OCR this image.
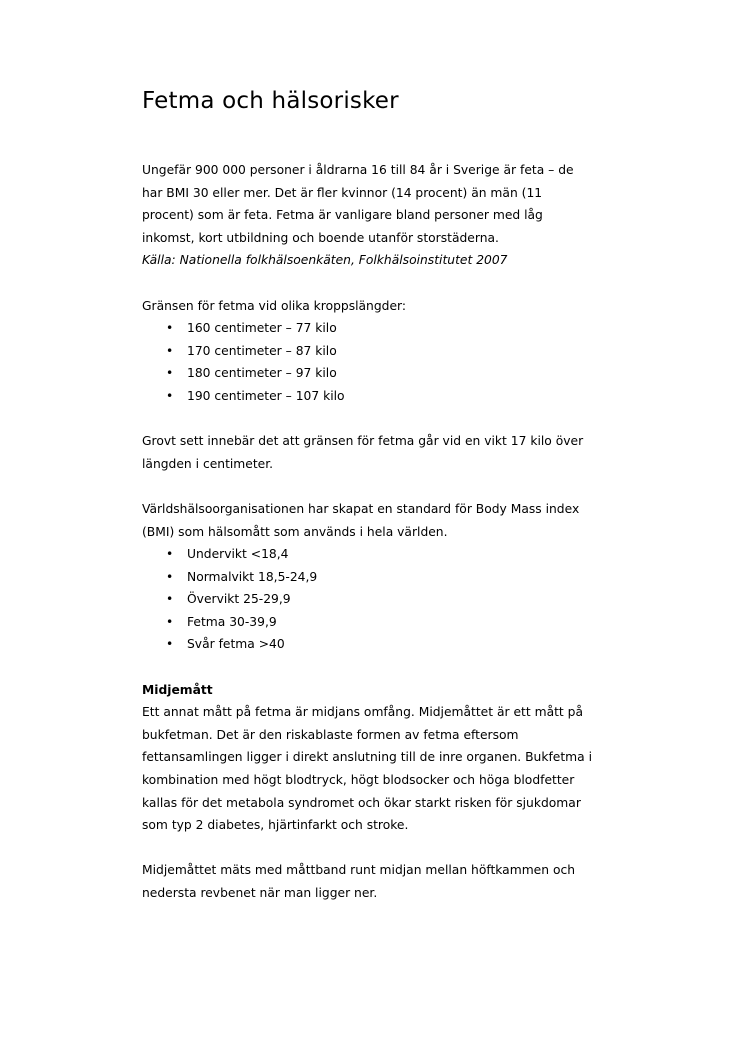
Fetma och hälsorisker

Ungefär 900 000 personer i åldrarna 16 till 84 år i Sverige är feta – de

har BMI 30 eller mer. Det är fler kvinnor (14 procent) än män (11

procent) som är feta. Fetma är vanligare bland personer med låg

inkomst, kort utbildning och boende utanför storstäderna.

Källa: Nationella folkhälsoenkäten, Folkhälsoinstitutet 2007

Gränsen för fetma vid olika kroppslängder:

• 160 centimeter – 77 kilo
• 170 centimeter – 87 kilo
• 180 centimeter – 97 kilo
• 190 centimeter – 107 kilo

Grovt sett innebär det att gränsen för fetma går vid en vikt 17 kilo över

längden i centimeter.

Världshälsoorganisationen har skapat en standard för Body Mass index

(BMI) som hälsomått som används i hela världen.

• Undervikt <18,4
• Normalvikt 18,5-24,9
• Övervikt 25-29,9
• Fetma 30-39,9
• Svår fetma >40

Midjemått

Ett annat mått på fetma är midjans omfång. Midjemåttet är ett mått på

bukfetman. Det är den riskablaste formen av fetma eftersom

fettansamlingen ligger i direkt anslutning till de inre organen. Bukfetma i

kombination med högt blodtryck, högt blodsocker och höga blodfetter

kallas för det metabola syndromet och ökar starkt risken för sjukdomar

som typ 2 diabetes, hjärtinfarkt och stroke.

Midjemåttet mäts med måttband runt midjan mellan höftkammen och

nedersta revbenet när man ligger ner.
